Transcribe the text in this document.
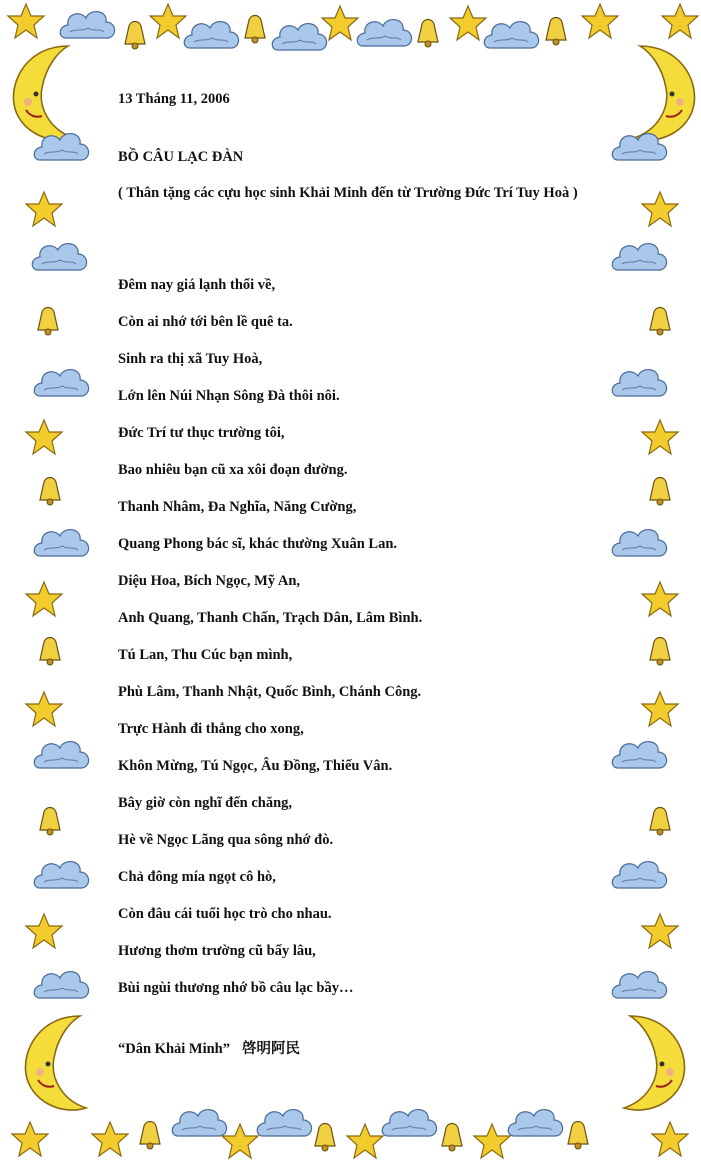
13 Tháng 11, 2006

BỒ CÂU LẠC ĐÀN

( Thân tặng các cựu học sinh Khải Minh đến từ Trường Đức Trí Tuy Hoà )

Đêm nay giá lạnh thổi về,

Còn ai nhớ tới bên lề quê ta.

Sinh ra thị xã Tuy Hoà,

Lớn lên Núi Nhạn Sông Đà thôi nôi.

Đức Trí tư thục trường tôi,

Bao nhiêu bạn cũ xa xôi đoạn đường.

Thanh Nhâm, Đa Nghĩa, Năng Cường,

Quang Phong bác sĩ, khác thường Xuân Lan.

Diệu Hoa, Bích Ngọc, Mỹ An,

Anh Quang, Thanh Chấn, Trạch Dân, Lâm Bình.

Tú Lan, Thu Cúc bạn mình,

Phù Lâm, Thanh Nhật, Quốc Bình, Chánh Công.

Trực Hành đi thẳng cho xong,

Khôn Mừng, Tú Ngọc, Âu Đồng, Thiếu Vân.

Bây giờ còn nghĩ đến chăng,

Hè về Ngọc Lãng qua sông nhớ đò.

Chả đông mía ngọt cô hò,

Còn đâu cái tuổi học trò cho nhau.

Hương thơm trường cũ bấy lâu,

Bùi ngùi thương nhớ bồ câu lạc bầy…

“Dân Khải Minh” 啓明阿民
